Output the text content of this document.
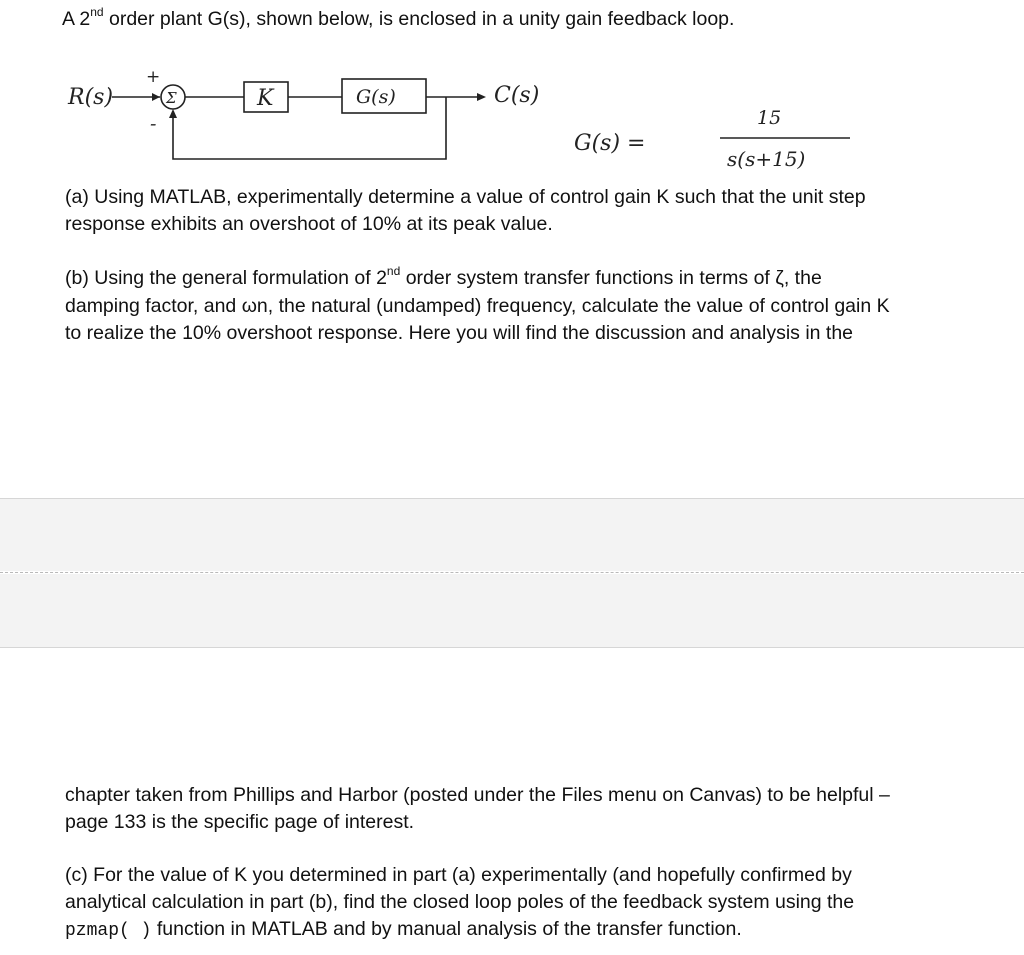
A 2nd order plant G(s), shown below, is enclosed in a unity gain feedback loop.
R(s)
+
Σ
-
K	G(s)	C(s)
G(s) =
15
s(s+15)
(a) Using MATLAB, experimentally determine a value of control gain K such that the unit step
response exhibits an overshoot of 10% at its peak value.
(b) Using the general formulation of 2nd order system transfer functions in terms of ζ, the
damping factor, and ωn, the natural (undamped) frequency, calculate the value of control gain K
to realize the 10% overshoot response. Here you will find the discussion and analysis in the
chapter taken from Phillips and Harbor (posted under the Files menu on Canvas) to be helpful –
page 133 is the specific page of interest.
(c) For the value of K you determined in part (a) experimentally (and hopefully confirmed by
analytical calculation in part (b), find the closed loop poles of the feedback system using the
pzmap( ) function in MATLAB and by manual analysis of the transfer function.
